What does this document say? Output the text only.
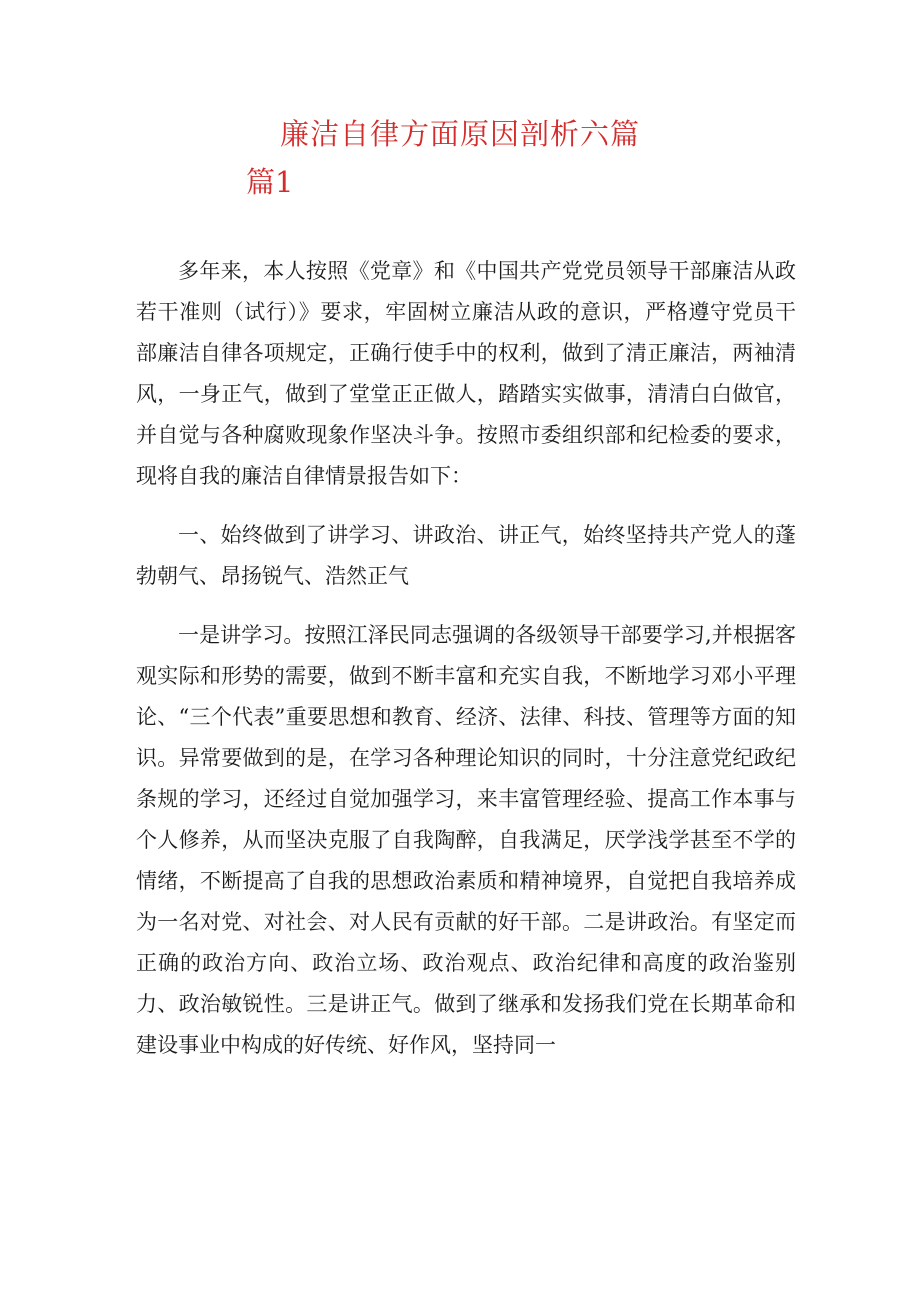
廉洁自律方面原因剖析六篇
篇1

多年来，本人按照《党章》和《中国共产党党员领导干部廉洁从政若干准则（试行）》要求，牢固树立廉洁从政的意识，严格遵守党员干部廉洁自律各项规定，正确行使手中的权利，做到了清正廉洁，两袖清风，一身正气，做到了堂堂正正做人，踏踏实实做事，清清白白做官，并自觉与各种腐败现象作坚决斗争。按照市委组织部和纪检委的要求，现将自我的廉洁自律情景报告如下：

一、始终做到了讲学习、讲政治、讲正气，始终坚持共产党人的蓬勃朝气、昂扬锐气、浩然正气

一是讲学习。按照江泽民同志强调的各级领导干部要学习,并根据客观实际和形势的需要，做到不断丰富和充实自我，不断地学习邓小平理论、“三个代表”重要思想和教育、经济、法律、科技、管理等方面的知识。异常要做到的是，在学习各种理论知识的同时，十分注意党纪政纪条规的学习，还经过自觉加强学习，来丰富管理经验、提高工作本事与个人修养，从而坚决克服了自我陶醉，自我满足，厌学浅学甚至不学的情绪，不断提高了自我的思想政治素质和精神境界，自觉把自我培养成为一名对党、对社会、对人民有贡献的好干部。二是讲政治。有坚定而正确的政治方向、政治立场、政治观点、政治纪律和高度的政治鉴别力、政治敏锐性。三是讲正气。做到了继承和发扬我们党在长期革命和建设事业中构成的好传统、好作风，坚持同一
